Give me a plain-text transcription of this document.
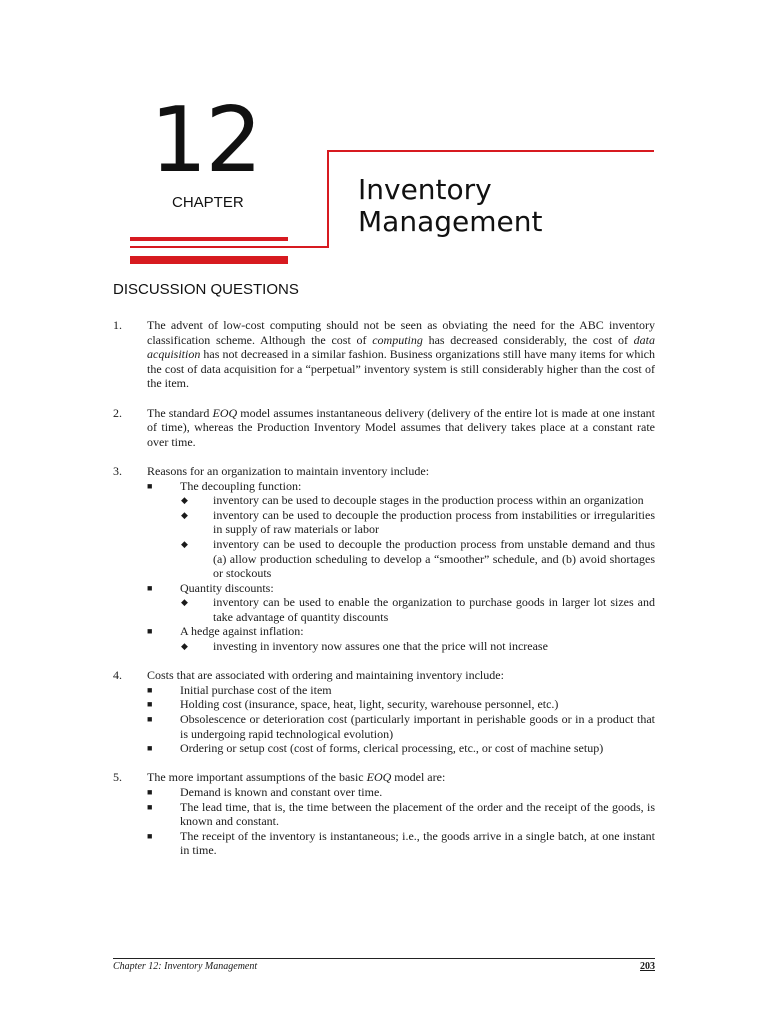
12
CHAPTER	Inventory
Management
DISCUSSION QUESTIONS
1. The advent of low-cost computing should not be seen as obviating the need for the ABC inventory classification scheme. Although the cost of computing has decreased considerably, the cost of data acquisition has not decreased in a similar fashion. Business organizations still have many items for which the cost of data acquisition for a “perpetual” inventory system is still considerably higher than the cost of the item.
2. The standard EOQ model assumes instantaneous delivery (delivery of the entire lot is made at one instant of time), whereas the Production Inventory Model assumes that delivery takes place at a constant rate over time.
3. Reasons for an organization to maintain inventory include:
■ The decoupling function:
◆ inventory can be used to decouple stages in the production process within an organization
◆ inventory can be used to decouple the production process from instabilities or irregularities in supply of raw materials or labor
◆ inventory can be used to decouple the production process from unstable demand and thus (a) allow production scheduling to develop a “smoother” schedule, and (b) avoid shortages or stockouts
■ Quantity discounts:
◆ inventory can be used to enable the organization to purchase goods in larger lot sizes and take advantage of quantity discounts
■ A hedge against inflation:
◆ investing in inventory now assures one that the price will not increase
4. Costs that are associated with ordering and maintaining inventory include:
■ Initial purchase cost of the item
■ Holding cost (insurance, space, heat, light, security, warehouse personnel, etc.)
■ Obsolescence or deterioration cost (particularly important in perishable goods or in a product that is undergoing rapid technological evolution)
■ Ordering or setup cost (cost of forms, clerical processing, etc., or cost of machine setup)
5. The more important assumptions of the basic EOQ model are:
■ Demand is known and constant over time.
■ The lead time, that is, the time between the placement of the order and the receipt of the goods, is known and constant.
■ The receipt of the inventory is instantaneous; i.e., the goods arrive in a single batch, at one instant in time.
Chapter 12: Inventory Management	203
